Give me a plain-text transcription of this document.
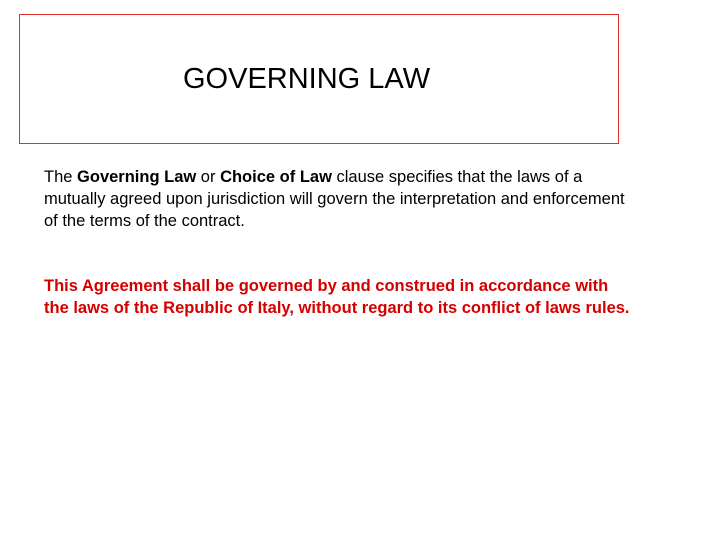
GOVERNING LAW

The Governing Law or Choice of Law clause specifies that the laws of a mutually agreed upon jurisdiction will govern the interpretation and enforcement of the terms of the contract.

This Agreement shall be governed by and construed in accordance with the laws of the Republic of Italy, without regard to its conflict of laws rules.
